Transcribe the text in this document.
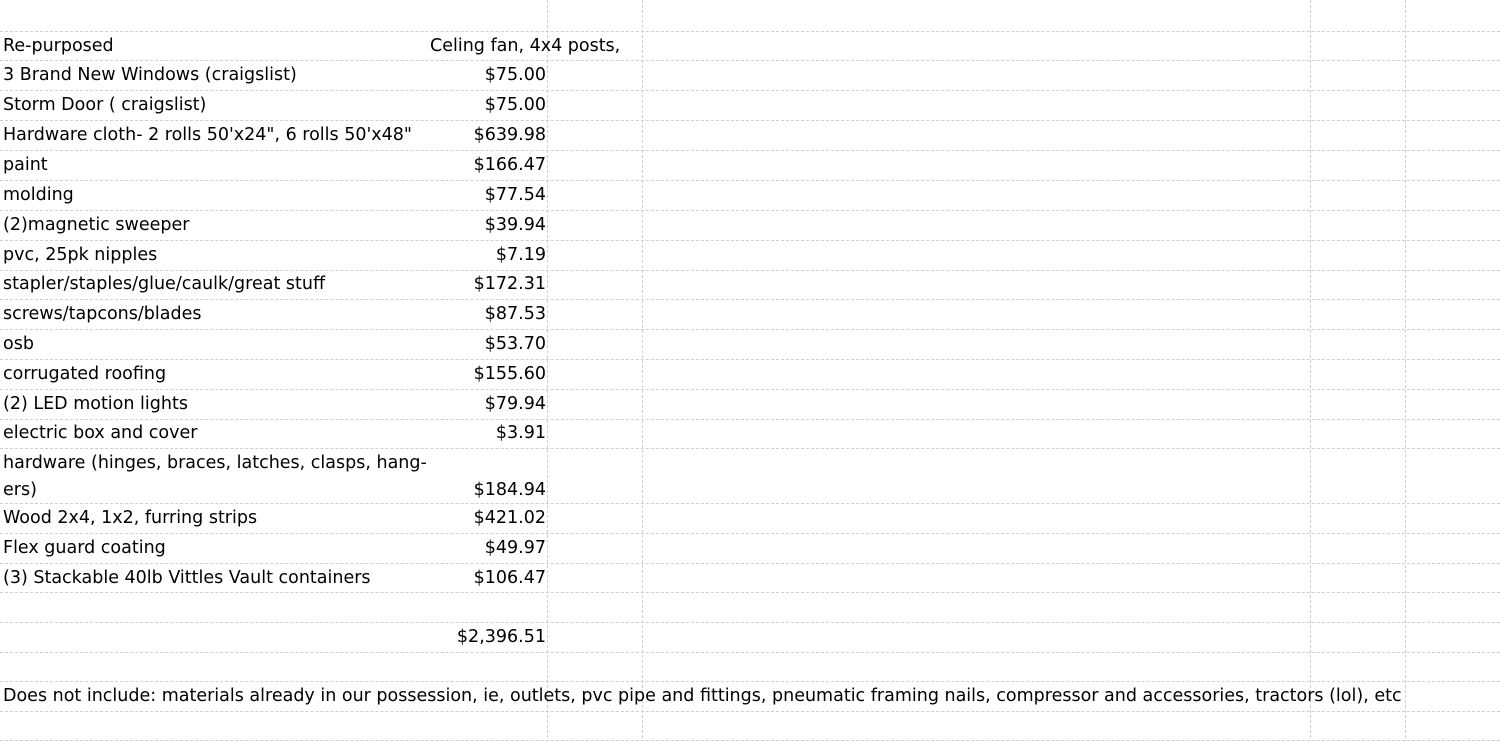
Re-purposed	Celing fan, 4x4 posts,
3 Brand New Windows (craigslist)	$75.00
Storm Door ( craigslist)	$75.00
Hardware cloth- 2 rolls 50'x24", 6 rolls 50'x48"	$639.98
paint	$166.47
molding	$77.54
(2)magnetic sweeper	$39.94
pvc, 25pk nipples	$7.19
stapler/staples/glue/caulk/great stuff	$172.31
screws/tapcons/blades	$87.53
osb	$53.70
corrugated roofing	$155.60
(2) LED motion lights	$79.94
electric box and cover	$3.91
hardware (hinges, braces, latches, clasps, hang-
ers)	$184.94
Wood 2x4, 1x2, furring strips	$421.02
Flex guard coating	$49.97
(3) Stackable 40lb Vittles Vault containers	$106.47
$2,396.51
Does not include: materials already in our possession, ie, outlets, pvc pipe and fittings, pneumatic framing nails, compressor and accessories, tractors (lol), etc
